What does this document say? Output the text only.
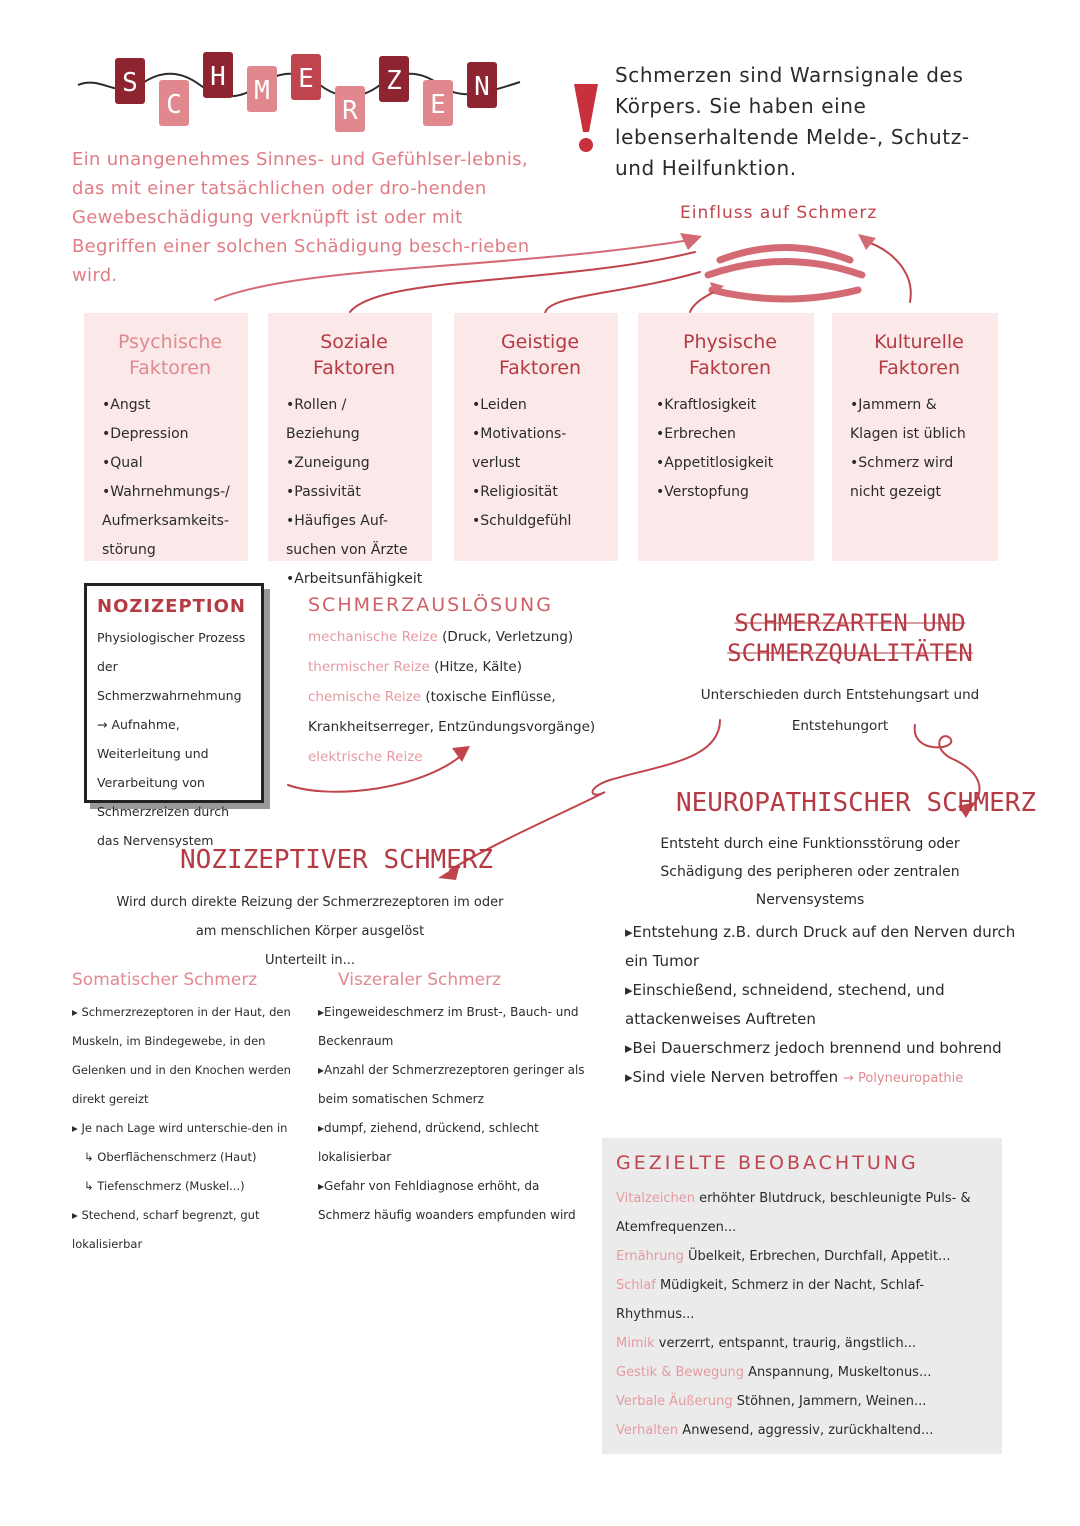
S
C
H M E
R
Z
E
N
Ein unangenehmes Sinnes- und Gefühlser-lebnis, das mit einer tatsächlichen oder dro-henden Gewebeschädigung verknüpft ist oder mit Begriffen einer solchen Schädigung besch-rieben wird.
Schmerzen sind Warnsignale des Körpers. Sie haben eine lebenserhaltende Melde-, Schutz- und Heilfunktion.
Einfluss auf Schmerz
Psychische Faktoren
• Angst
• Depression
• Qual
• Wahrnehmungs-/ Aufmerksamkeits-störung
Soziale Faktoren
• Rollen / Beziehung
• Zuneigung
• Passivität
• Häufiges Auf-suchen von Ärzte
• Arbeitsunfähigkeit
Geistige Faktoren
• Leiden
• Motivations-verlust
• Religiosität
• Schuldgefühl
Physische Faktoren
• Kraftlosigkeit
• Erbrechen
• Appetitlosigkeit
• Verstopfung
Kulturelle Faktoren
• Jammern & Klagen ist üblich
• Schmerz wird nicht gezeigt
NOZIZEPTION

Physiologischer Prozess der Schmerzwahrnehmung → Aufnahme, Weiterleitung und Verarbeitung von Schmerzreizen durch das Nervensystem

SCHMERZAUSLÖSUNG
mechanische Reize (Druck, Verletzung)
thermischer Reize (Hitze, Kälte)
chemische Reize (toxische Einflüsse, Krankheitserreger, Entzündungsvorgänge)
elektrische Reize
SCHMERZARTEN UND SCHMERZQUALITÄTEN
Unterschieden durch Entstehungsart und Entstehungort
NEUROPATHISCHER SCHMERZ
Entsteht durch eine Funktionsstörung oder Schädigung des peripheren oder zentralen Nervensystems
▸ Entstehung z.B. durch Druck auf den Nerven durch ein Tumor
▸ Einschießend, schneidend, stechend, und attackenweises Auftreten
▸ Bei Dauerschmerz jedoch brennend und bohrend
▸ Sind viele Nerven betroffen → Polyneuropathie
NOZIZEPTIVER SCHMERZ
Wird durch direkte Reizung der Schmerzrezeptoren im oder am menschlichen Körper ausgelöst
Unterteilt in...
Somatischer Schmerz
▸ Schmerzrezeptoren in der Haut, den Muskeln, im Bindegewebe, in den Gelenken und in den Knochen werden direkt gereizt
▸ Je nach Lage wird unterschie-den in
↳ Oberflächenschmerz (Haut)
↳ Tiefenschmerz (Muskel...)
▸ Stechend, scharf begrenzt, gut lokalisierbar
Viszeraler Schmerz
▸ Eingeweideschmerz im Brust-, Bauch- und Beckenraum
▸ Anzahl der Schmerzrezeptoren geringer als beim somatischen Schmerz
▸ dumpf, ziehend, drückend, schlecht lokalisierbar
▸ Gefahr von Fehldiagnose erhöht, da Schmerz häufig woanders empfunden wird
GEZIELTE BEOBACHTUNG

Vitalzeichen erhöhter Blutdruck, beschleunigte Puls- & Atemfrequenzen...

Ernährung Übelkeit, Erbrechen, Durchfall, Appetit...

Schlaf Müdigkeit, Schmerz in der Nacht, Schlaf-Rhythmus...

Mimik verzerrt, entspannt, traurig, ängstlich...

Gestik & Bewegung Anspannung, Muskeltonus...

Verbale Äußerung Stöhnen, Jammern, Weinen...

Verhalten Anwesend, aggressiv, zurückhaltend...
